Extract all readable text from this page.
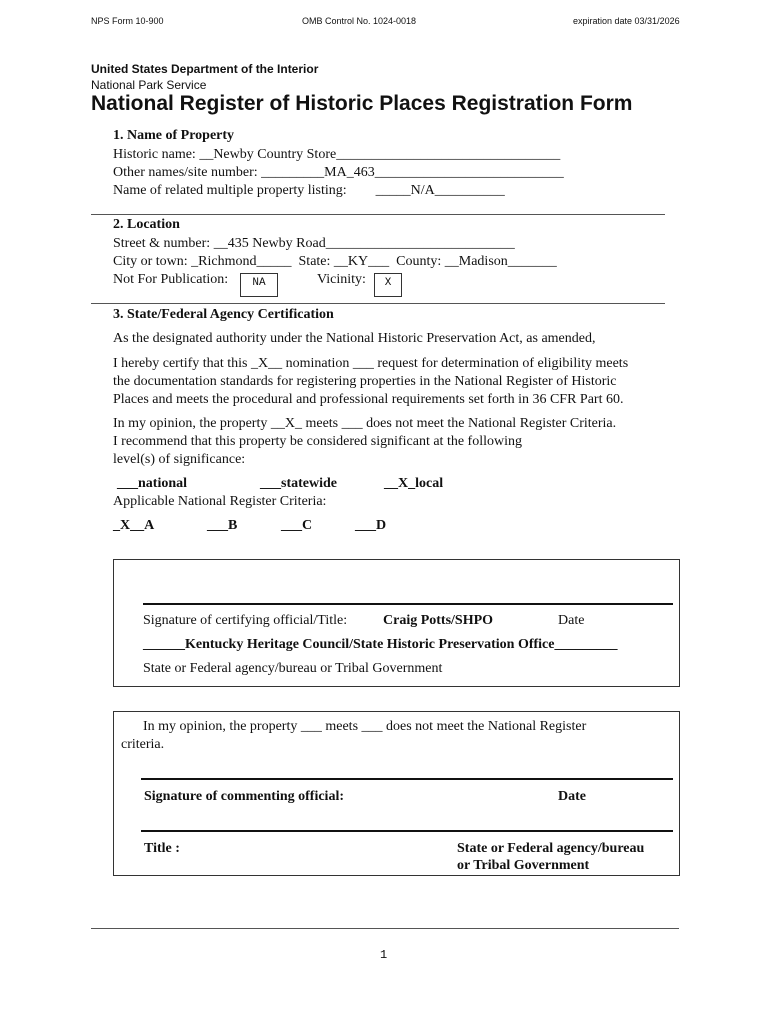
NPS Form 10-900	OMB Control No. 1024-0018	expiration date 03/31/2026
United States Department of the Interior
National Park Service
National Register of Historic Places Registration Form
1. Name of Property
Historic name: __Newby Country Store________________________________
Other names/site number: _________MA_463___________________________
Name of related multiple property listing: _____N/A__________
2. Location
Street & number: __435 Newby Road___________________________
City or town: _Richmond_____ State: __KY___ County: __Madison_______
Not For Publication:	NA	Vicinity:	X
3. State/Federal Agency Certification
As the designated authority under the National Historic Preservation Act, as amended,
I hereby certify that this _X__ nomination ___ request for determination of eligibility meets
the documentation standards for registering properties in the National Register of Historic
Places and meets the procedural and professional requirements set forth in 36 CFR Part 60.
In my opinion, the property __X_ meets ___ does not meet the National Register Criteria.
I recommend that this property be considered significant at the following
level(s) of significance:
___national	___statewide	__X_local
Applicable National Register Criteria:
_X__A	___B	___C	___D
Signature of certifying official/Title:	Craig Potts/SHPO	Date
______Kentucky Heritage Council/State Historic Preservation Office_________
State or Federal agency/bureau or Tribal Government
In my opinion, the property ___ meets ___ does not meet the National Register
criteria.
Signature of commenting official:	Date
Title :	State or Federal agency/bureau
or Tribal Government
1
